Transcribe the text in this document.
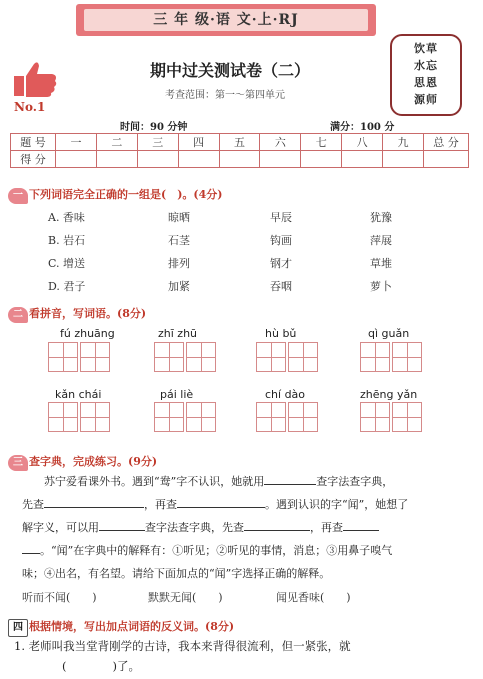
三 年 级·语 文·上·RJ
No.1
期中过关测试卷（二）
考查范围：第一～第四单元
饮草
水忘
思恩
源师
时间：90 分钟	满分：100 分
题 号	一	二	三	四	五	六	七	八	九	总 分
得 分										
一 下列词语完全正确的一组是(　)。(4分)
A. 香味	晾晒	早辰	犹豫
B. 岩石	石茎	钩画	萍展
C. 增送	排列	钢才	草堆
D. 君子	加紧	吞咽	萝卜
二 看拼音，写词语。(8分)
fú zhuāng	zhī zhū	hù bǔ	qì guǎn
kǎn chái	pái liè	chí dào	zhēng yǎn
三 查字典，完成练习。(9分)
苏宁爱看课外书。遇到“鸯”字不认识，她就用	查字法查字典，
先查	，再查	。遇到认识的字“闻”，她想了
解字义，可以用	查字法查字典，先查	，再查
。“闻”在字典中的解释有：①听见；②听见的事情，消息；③用鼻子嗅气
味；④出名，有名望。请给下面加点的“闻”字选择正确的解释。
听而不闻(　　)	默默无闻(　　)	闻见香味(　　)
四 根据情境，写出加点词语的反义词。(8分)
1. 老师叫我当堂背刚学的古诗，我本来背得很流利，但一紧张，就
(　　　　)了。
